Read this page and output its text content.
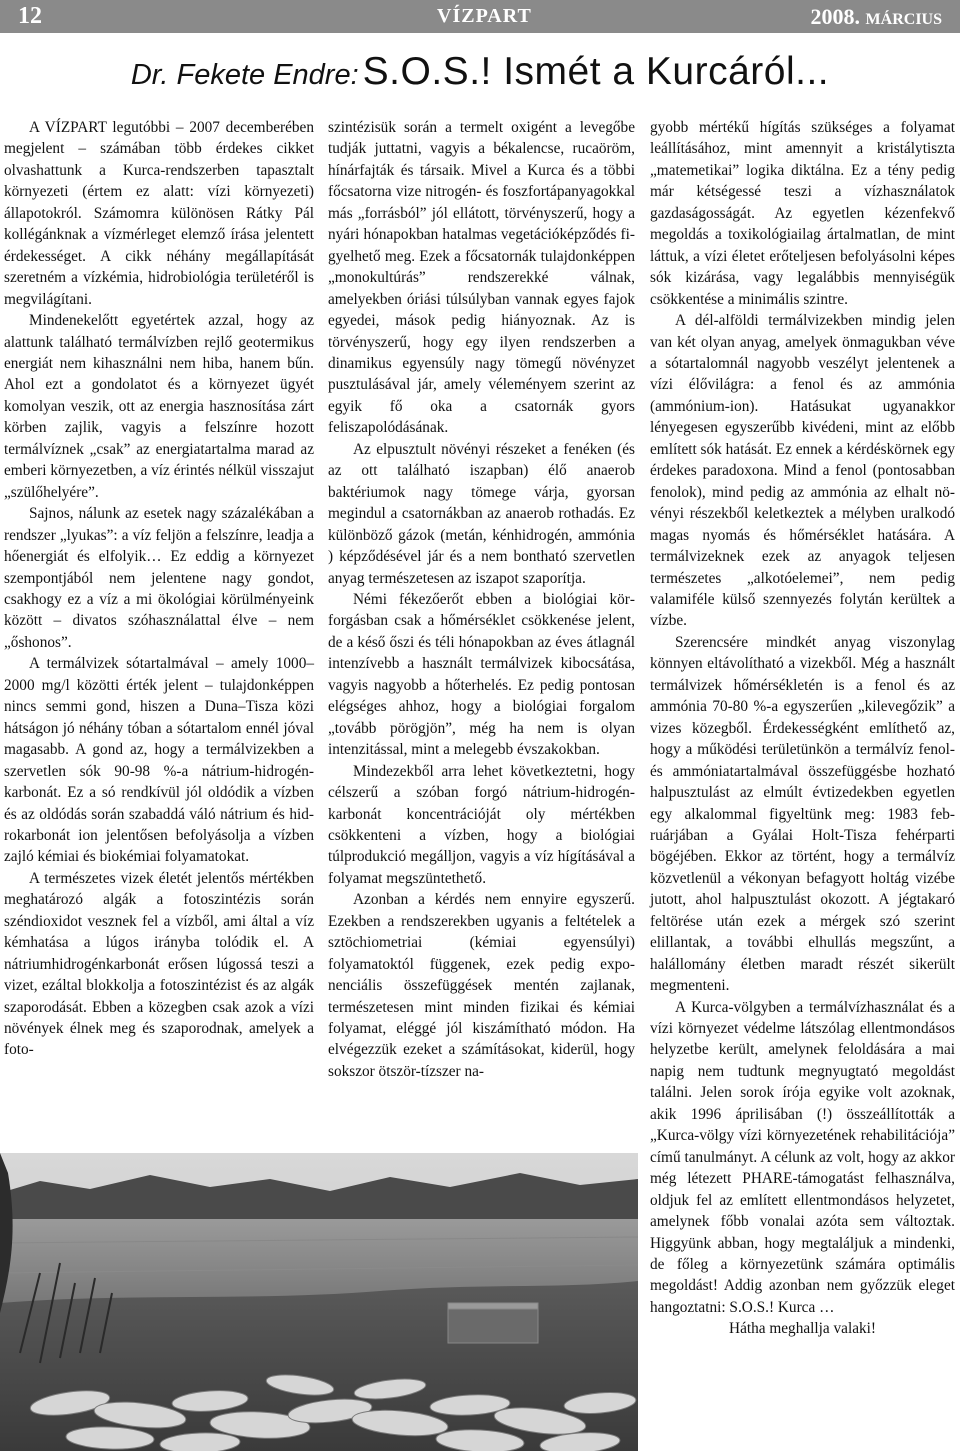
12	VÍZPART	2008. MÁRCIUS
Dr. Fekete Endre: S.O.S.! Ismét a Kurcáról...

A VÍZPART legutóbbi – 2007 decemberében megjelent – számában több érdekes cikket olvashattunk a Kurca-rendszerben tapasztalt környezeti (értem ez alatt: vízi környezeti) állapotokról. Számomra különösen Rátky Pál kollégánknak a vízmérleget elemző írása jelentett érdekességet. A cikk néhány megállapítását szeretném a vízkémia, hidrobiológia területéről is megvilágítani.

Mindenekelőtt egyetértek azzal, hogy az alattunk található termálvízben rejlő geotermikus energiát nem kihasználni nem hiba, hanem bűn. Ahol ezt a gondolatot és a környezet ügyét komolyan veszik, ott az energia hasznosítása zárt körben zajlik, vagyis a felszínre hozott termálvíznek „csak” az energiatartalma marad az emberi környezetben, a víz érintés nélkül visszajut „szülőhelyére”.

Sajnos, nálunk az esetek nagy százalékában a rendszer „lyukas”: a víz feljön a felszínre, leadja a hőenergiát és elfolyik… Ez eddig a környezet szempontjából nem jelentene nagy gondot, csakhogy ez a víz a mi ökológiai körülményeink között – divatos szóhasználattal élve – nem „őshonos”.

A termálvizek sótartalmával – amely 1000–2000 mg/l közötti érték jelent – tulajdonképpen nincs semmi gond, hiszen a Duna–Tisza közi hátságon jó néhány tóban a sótartalom ennél jóval magasabb. A gond az, hogy a termálvizekben a szervetlen sók 90-98 %-a nátrium-hidrogén-karbonát. Ez a só rendkívül jól oldódik a vízben és az oldódás során szabaddá váló nátrium és hidrokarbonát ion jelentősen befolyásolja a vízben zajló kémiai és biokémiai folyamatokat.

A természetes vizek életét jelentős mértékben meghatározó algák a fotoszintézis során széndioxidot vesznek fel a vízből, ami által a víz kémhatása a lúgos irányba tolódik el. A nátriumhidrogénkarbonát erősen lúgossá teszi a vizet, ezáltal blokkolja a fotoszintézist és az algák szaporodását. Ebben a közegben csak azok a vízi növények élnek meg és szaporodnak, amelyek a foto-

szintézisük során a termelt oxigént a levegőbe tudják juttatni, vagyis a békalencse, rucaöröm, hínárfajták és társaik. Mivel a Kurca és a többi főcsatorna vize nitrogén- és foszfortápanyagokkal más „forrásból” jól ellátott, törvényszerű, hogy a nyári hónapokban hatalmas vegetációképződés figyelhető meg. Ezek a főcsatornák tulajdonképpen „monokultúrás” rendszerekké válnak, amelyekben óriási túlsúlyban vannak egyes fajok egyedei, mások pedig hiányoznak. Az is törvényszerű, hogy egy ilyen rendszerben a dinamikus egyensúly nagy tömegű növényzet pusztulásával jár, amely véleményem szerint az egyik fő oka a csatornák gyors feliszapolódásának.

Az elpusztult növényi részeket a fenéken (és az ott található iszapban) élő anaerob baktériumok nagy tömege várja, gyorsan megindul a csatornákban az anaerob rothadás. Ez különböző gázok (metán, kénhidrogén, ammónia ) képződésével jár és a nem bontható szervetlen anyag természetesen az iszapot szaporítja.

Némi fékezőerőt ebben a biológiai körforgásban csak a hőmérséklet csökkenése jelent, de a késő őszi és téli hónapokban az éves átlagnál intenzívebb a használt termálvizek kibocsátása, vagyis nagyobb a hőterhelés. Ez pedig pontosan elégséges ahhoz, hogy a biológiai forgalom „tovább pörögjön”, még ha nem is olyan intenzitással, mint a melegebb évszakokban.

Mindezekből arra lehet következtetni, hogy célszerű a szóban forgó nátrium-hidrogén-karbonát koncentrációját oly mértékben csökkenteni a vízben, hogy a biológiai túlprodukció megálljon, vagyis a víz hígításával a folyamat megszüntethető.

Azonban a kérdés nem ennyire egyszerű. Ezekben a rendszerekben ugyanis a feltételek a sztöchiometriai (kémiai egyensúlyi) folyamatoktól függenek, ezek pedig exponenciális összefüggések mentén zajlanak, természetesen mint minden fizikai és kémiai folyamat, eléggé jól kiszámítható módon. Ha elvégezzük ezeket a számításokat, kiderül, hogy sokszor ötször-tízszer na-

gyobb mértékű hígítás szükséges a folyamat leállításához, mint amennyit a kristálytiszta „matemetikai” logika diktálna. Ez a tény pedig már kétségessé teszi a vízhasználatok gazdaságosságát. Az egyetlen kézenfekvő megoldás a toxikológiailag ártalmatlan, de mint láttuk, a vízi életet erőteljesen befolyásolni képes sók kizárása, vagy legalábbis mennyiségük csökkentése a minimális szintre.

A dél-alföldi termálvizekben mindig jelen van két olyan anyag, amelyek önmagukban véve a sótartalomnál nagyobb veszélyt jelentenek a vízi élővilágra: a fenol és az ammónia (ammónium-ion). Hatásukat ugyanakkor lényegesen egyszerűbb kivédeni, mint az előbb említett sók hatását. Ez ennek a kérdéskörnek egy érdekes paradoxona. Mind a fenol (pontosabban fenolok), mind pedig az ammónia az elhalt növényi részekből keletkeztek a mélyben uralkodó magas nyomás és hőmérséklet hatására. A termálvizeknek ezek az anyagok teljesen természetes „alkotóelemei”, nem pedig valamiféle külső szennyezés folytán kerültek a vízbe.

Szerencsére mindkét anyag viszonylag könnyen eltávolítható a vizekből. Még a használt termálvizek hőmérsékletén is a fenol és az ammónia 70-80 %-a egyszerűen „kilevegőzik” a vizes közegből. Érdekességként említhető az, hogy a működési területünkön a termálvíz fenol- és ammóniatartalmával összefüggésbe hozható halpusztulást az elmúlt évtizedekben egyetlen egy alkalommal figyeltünk meg: 1983 februárjában a Gyálai Holt-Tisza fehérparti bögéjében. Ekkor az történt, hogy a termálvíz közvetlenül a vékonyan befagyott holtág vizébe jutott, ahol halpusztulást okozott. A jégtakaró feltörése után ezek a mérgek szó szerint elillantak, a további elhullás megszűnt, a halállomány életben maradt részét sikerült megmenteni.

A Kurca-völgyben a termálvízhasználat és a vízi környezet védelme látszólag ellentmondásos helyzetbe került, amelynek feloldására a mai napig nem tudtunk megnyugtató megoldást találni. Jelen sorok írója egyike volt azoknak, akik 1996 áprilisában (!) összeállították a „Kurca-völgy vízi környezetének rehabilitációja” című tanulmányt. A célunk az volt, hogy az akkor még létezett PHARE-támogatást felhasználva, oldjuk fel az említett ellentmondásos helyzetet, amelynek főbb vonalai azóta sem változtak. Higgyünk abban, hogy megtaláljuk a mindenki, de főleg a környezetünk számára optimális megoldást! Addig azonban nem győzzük eleget hangoztatni: S.O.S.! Kurca …

Hátha meghallja valaki!
